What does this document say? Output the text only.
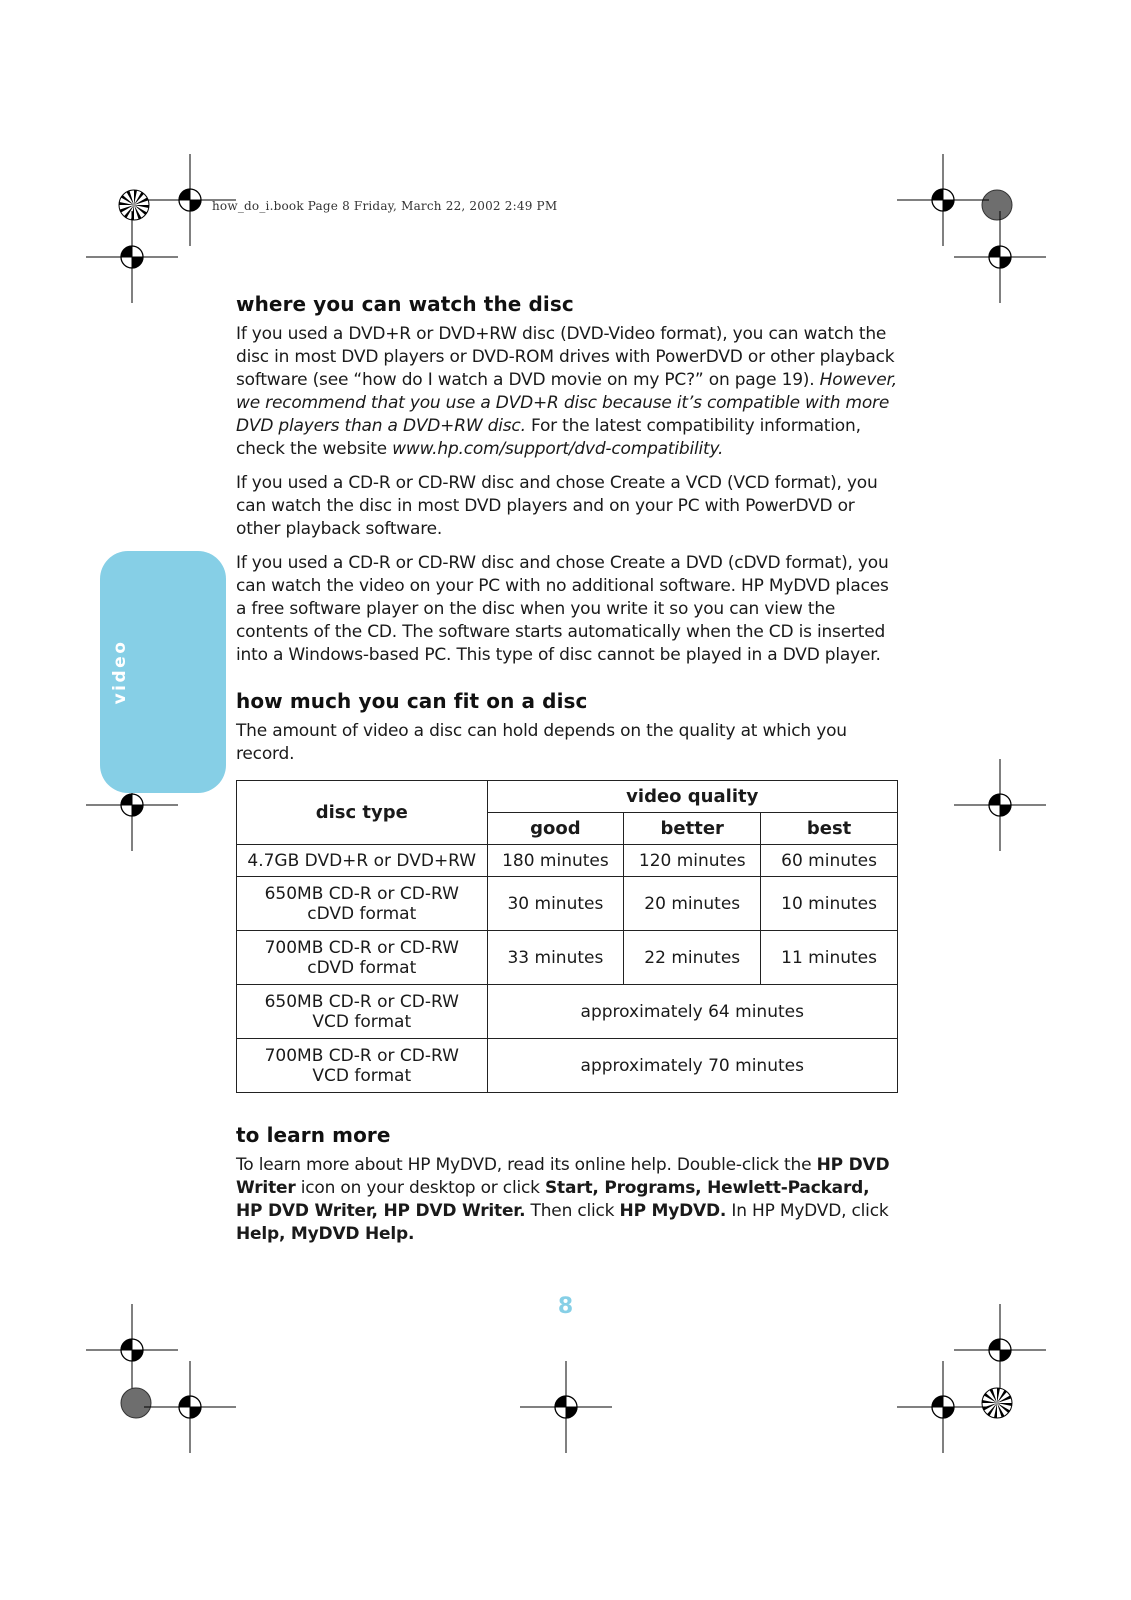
how_do_i.book Page 8 Friday, March 22, 2002 2:49 PM
video
where you can watch the disc

If you used a DVD+R or DVD+RW disc (DVD-Video format), you can watch the disc in most DVD players or DVD-ROM drives with PowerDVD or other playback software (see “how do I watch a DVD movie on my PC?” on page 19). However, we recommend that you use a DVD+R disc because it’s compatible with more DVD players than a DVD+RW disc. For the latest compatibility information, check the website www.hp.com/support/dvd-compatibility.

If you used a CD-R or CD-RW disc and chose Create a VCD (VCD format), you can watch the disc in most DVD players and on your PC with PowerDVD or other playback software.

If you used a CD-R or CD-RW disc and chose Create a DVD (cDVD format), you can watch the video on your PC with no additional software. HP MyDVD places a free software player on the disc when you write it so you can view the contents of the CD. The software starts automatically when the CD is inserted into a Windows-based PC. This type of disc cannot be played in a DVD player.

how much you can fit on a disc

The amount of video a disc can hold depends on the quality at which you record.

disc type	video quality		
	good	better	best
4.7GB DVD+R or DVD+RW	180 minutes	120 minutes	60 minutes
650MB CD-R or CD-RW
cDVD format	30 minutes	20 minutes	10 minutes
700MB CD-R or CD-RW
cDVD format	33 minutes	22 minutes	11 minutes
650MB CD-R or CD-RW
VCD format	approximately 64 minutes		
700MB CD-R or CD-RW
VCD format	approximately 70 minutes		
to learn more

To learn more about HP MyDVD, read its online help. Double-click the HP DVD Writer icon on your desktop or click Start, Programs, Hewlett-Packard, HP DVD Writer, HP DVD Writer. Then click HP MyDVD. In HP MyDVD, click Help, MyDVD Help.

8
